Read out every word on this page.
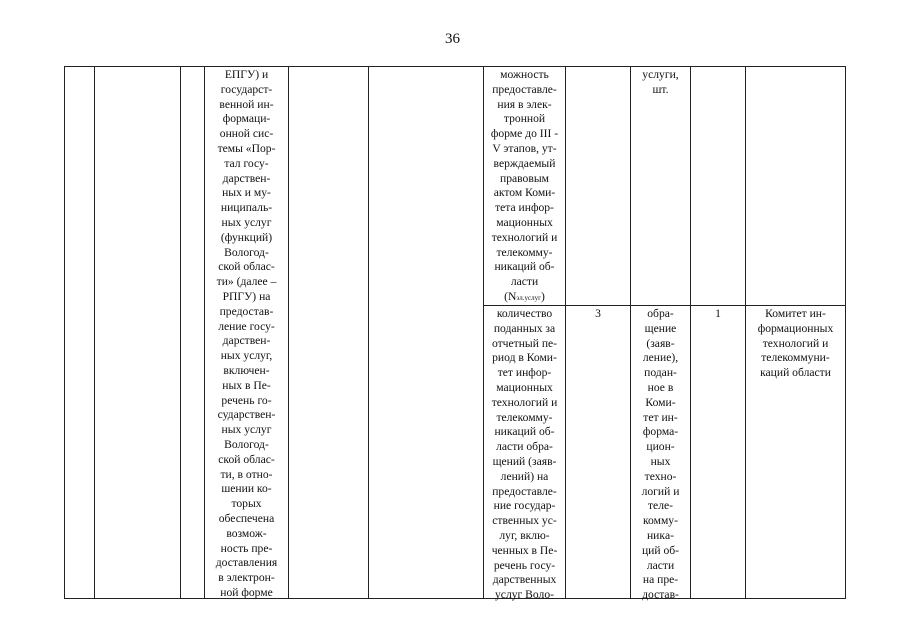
36
ЕПГУ) и
государст-
венной ин-
формаци-
онной сис-
темы «Пор-
тал госу-
дарствен-
ных и му-
ниципаль-
ных услуг
(функций)
Вологод-
ской облас-
ти» (далее –
РПГУ) на
предостав-
ление госу-
дарствен-
ных услуг,
включен-
ных в Пе-
речень го-
сударствен-
ных услуг
Вологод-
ской облас-
ти, в отно-
шении ко-
торых
обеспечена
возмож-
ность пре-
доставления
в электрон-
ной форме
можность
предоставле-
ния в элек-
тронной
форме до III -
V этапов, ут-
верждаемый
правовым
актом Коми-
тета инфор-
мационных
технологий и
телекомму-
никаций об-
ласти
(Nэл.услуг)
услуги,
шт.
количество
поданных за
отчетный пе-
риод в Коми-
тет инфор-
мационных
технологий и
телекомму-
никаций об-
ласти обра-
щений (заяв-
лений) на
предоставле-
ние государ-
ственных ус-
луг, вклю-
ченных в Пе-
речень госу-
дарственных
услуг Воло-
3	обра-
щение
(заяв-
ление),
подан-
ное в
Коми-
тет ин-
форма-
цион-
ных
техно-
логий и
теле-
комму-
никa-
ций об-
ласти
на пре-
достав-
1	Комитет ин-
формационных
технологий и
телекоммуни-
каций области
